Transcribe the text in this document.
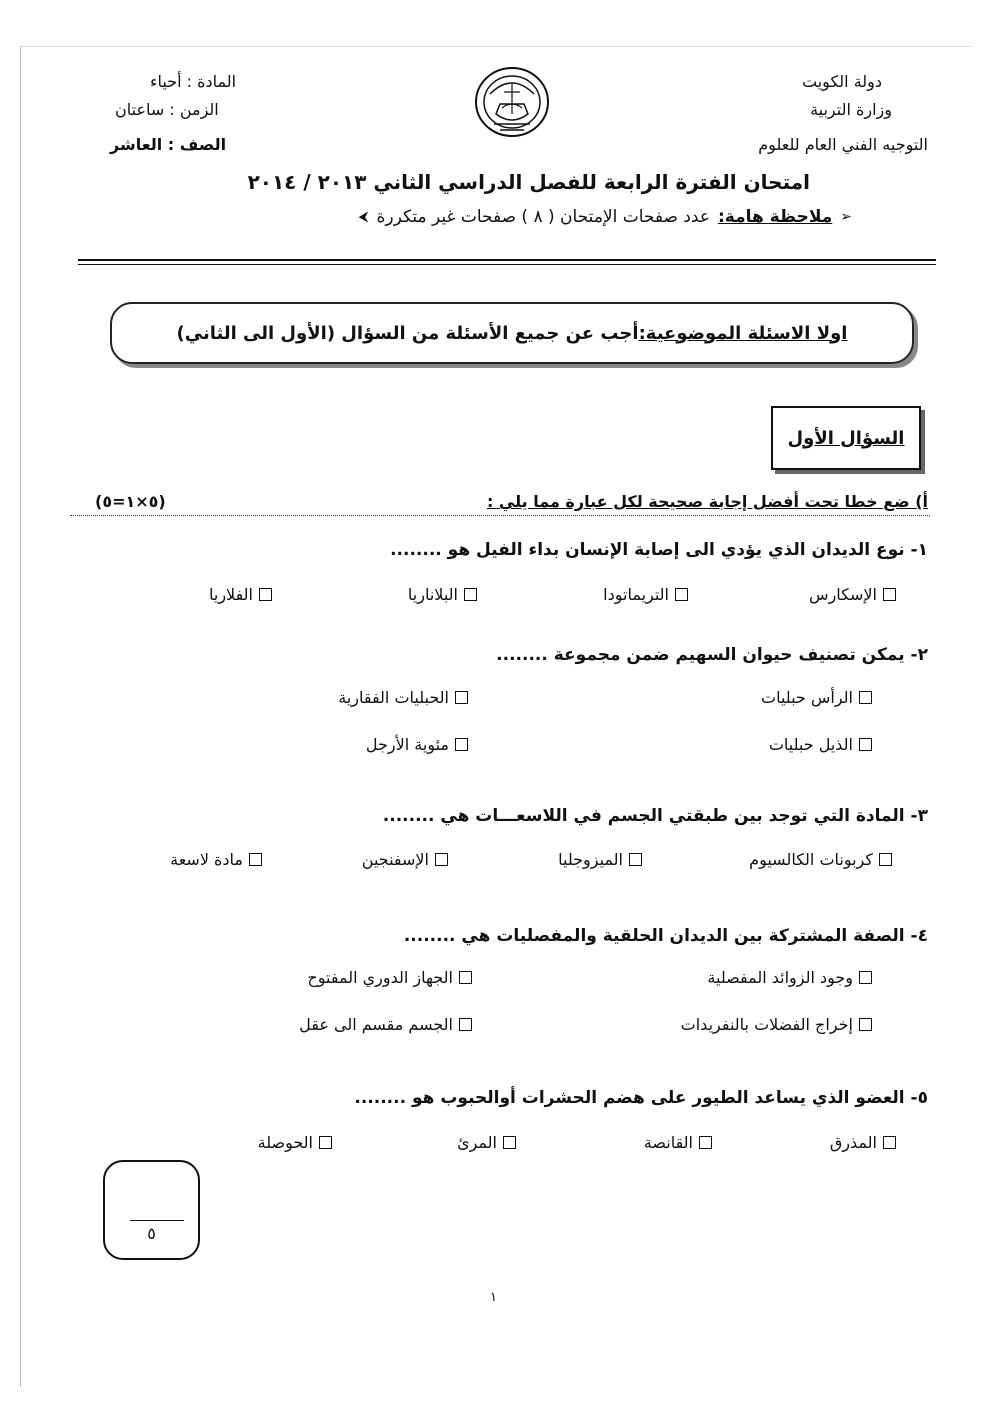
دولة الكويت
وزارة التربية
التوجيه الفني العام للعلوم
المادة : أحياء
الزمن : ساعتان
الصف : العاشر
امتحان الفترة الرابعة للفصل الدراسي الثاني ٢٠١٣ / ٢٠١٤
➢
ملاحظة هامة:
عدد صفحات الإمتحان ( ٨ ) صفحات غير متكررة
⮜
اولا الاسئلة الموضوعية:
أجب عن جميع الأسئلة من السؤال (الأول الى الثاني)
السؤال الأول
أ) ضع خطا تحت أفضل إجابة صحيحة لكل عبارة مما يلي :
(٥×١=٥)
١- نوع الديدان الذي يؤدي الى إصابة الإنسان بداء الفيل هو ........
الإسكارس
التريماتودا
البلاناريا
الفلاريا
٢- يمكن تصنيف حيوان السهيم ضمن مجموعة ........
الرأس حبليات
الحبليات الفقارية
الذيل حبليات
مئوية الأرجل
٣- المادة التي توجد بين طبقتي الجسم في اللاسعـــات هي ........
كربونات الكالسيوم
الميزوجليا
الإسفنجين
مادة لاسعة
٤- الصفة المشتركة بين الديدان الحلقية والمفصليات هي ........
وجود الزوائد المفصلية
الجهاز الدوري المفتوح
إخراج الفضلات بالنفريدات
الجسم مقسم الى عقل
٥- العضو الذي يساعد الطيور على هضم الحشرات أوالحبوب هو ........
المذرق
القانصة
المرئ
الحوصلة
٥
١
